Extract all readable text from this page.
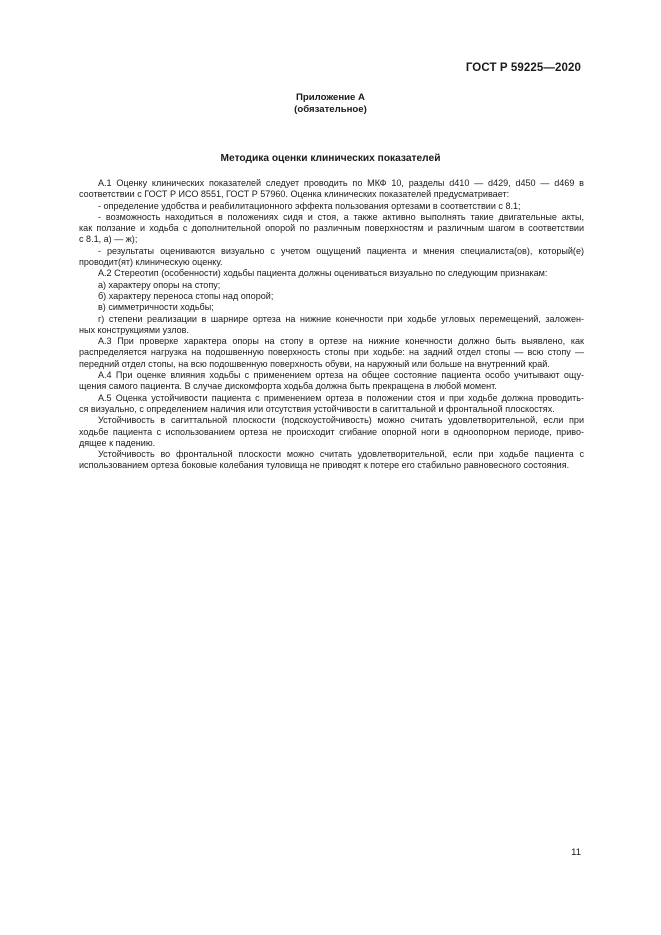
ГОСТ Р 59225—2020
Приложение А
(обязательное)
Методика оценки клинических показателей
А.1 Оценку клинических показателей следует проводить по МКФ 10, разделы d410 — d429, d450 — d469 в
соответствии с ГОСТ Р ИСО 8551, ГОСТ Р 57960. Оценка клинических показателей предусматривает:
- определение удобства и реабилитационного эффекта пользования ортезами в соответствии с 8.1;
- возможность находиться в положениях сидя и стоя, а также активно выполнять такие двигательные акты,
как ползание и ходьба с дополнительной опорой по различным поверхностям и различным шагом в соответствии
с 8.1, а) — ж);
- результаты оцениваются визуально с учетом ощущений пациента и мнения специалиста(ов), который(е)
проводит(ят) клиническую оценку.
А.2 Стереотип (особенности) ходьбы пациента должны оцениваться визуально по следующим признакам:
а) характеру опоры на стопу;
б) характеру переноса стопы над опорой;
в) симметричности ходьбы;
г) степени реализации в шарнире ортеза на нижние конечности при ходьбе угловых перемещений, заложен-
ных конструкциями узлов.
А.3 При проверке характера опоры на стопу в ортезе на нижние конечности должно быть выявлено, как
распределяется нагрузка на подошвенную поверхность стопы при ходьбе: на задний отдел стопы — всю стопу —
передний отдел стопы, на всю подошвенную поверхность обуви, на наружный или больше на внутренний край.
А.4 При оценке влияния ходьбы с применением ортеза на общее состояние пациента особо учитывают ощу-
щения самого пациента. В случае дискомфорта ходьба должна быть прекращена в любой момент.
А.5 Оценка устойчивости пациента с применением ортеза в положении стоя и при ходьбе должна проводить-
ся визуально, с определением наличия или отсутствия устойчивости в сагиттальной и фронтальной плоскостях.
Устойчивость в сагиттальной плоскости (подскоустойчивость) можно считать удовлетворительной, если при
ходьбе пациента с использованием ортеза не происходит сгибание опорной ноги в одноопорном периоде, приво-
дящее к падению.
Устойчивость во фронтальной плоскости можно считать удовлетворительной, если при ходьбе пациента с
использованием ортеза боковые колебания туловища не приводят к потере его стабильно равновесного состояния.
11
